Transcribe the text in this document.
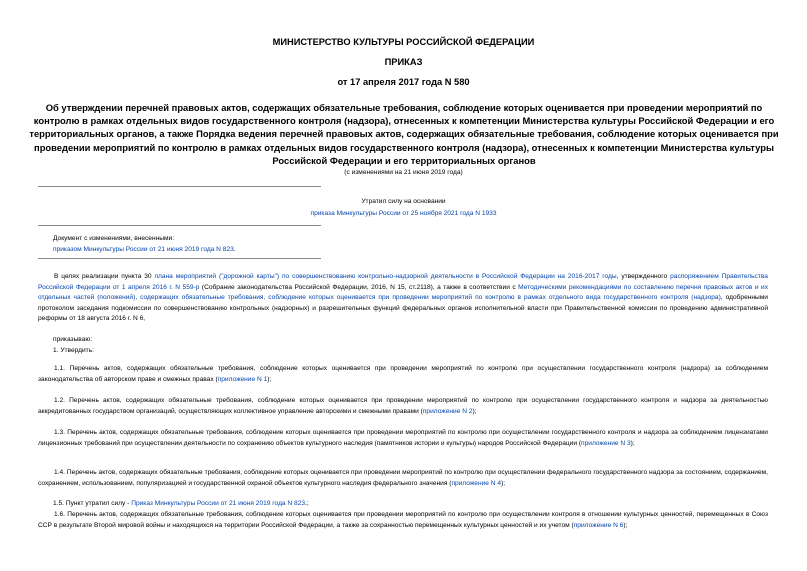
МИНИСТЕРСТВО КУЛЬТУРЫ РОССИЙСКОЙ ФЕДЕРАЦИИ
ПРИКАЗ
от 17 апреля 2017 года N 580
Об утверждении перечней правовых актов, содержащих обязательные требования, соблюдение которых оценивается при проведении мероприятий по контролю в рамках отдельных видов государственного контроля (надзора), отнесенных к компетенции Министерства культуры Российской Федерации и его территориальных органов, а также Порядка ведения перечней правовых актов, содержащих обязательные требования, соблюдение которых оценивается при проведении мероприятий по контролю в рамках отдельных видов государственного контроля (надзора), отнесенных к компетенции Министерства культуры Российской Федерации и его территориальных органов
(с изменениями на 21 июня 2019 года)
Утратил силу на основании
приказа Минкультуры России от 25 ноября 2021 года N 1933
Документ с изменениями, внесенными:
приказом Минкультуры России от 21 июня 2019 года N 823.
В целях реализации пункта 30 плана мероприятий ("дорожной карты") по совершенствованию контрольно-надзорной деятельности в Российской Федерации на 2016-2017 годы, утвержденного распоряжением Правительства Российской Федерации от 1 апреля 2016 г. N 559-р (Собрание законодательства Российской Федерации, 2016, N 15, ст.2118), а также в соответствии с Методическими рекомендациями по составлению перечня правовых актов и их отдельных частей (положений), содержащих обязательные требования, соблюдение которых оценивается при проведении мероприятий по контролю в рамках отдельного вида государственного контроля (надзора), одобренными протоколом заседания подкомиссии по совершенствованию контрольных (надзорных) и разрешительных функций федеральных органов исполнительной власти при Правительственной комиссии по проведению административной реформы от 18 августа 2016 г. N 6,
приказываю:
1. Утвердить:
1.1. Перечень актов, содержащих обязательные требования, соблюдение которых оценивается при проведении мероприятий по контролю при осуществлении государственного контроля (надзора) за соблюдением законодательства об авторском праве и смежных правах (приложение N 1);
1.2. Перечень актов, содержащих обязательные требования, соблюдение которых оценивается при проведении мероприятий по контролю при осуществлении государственного контроля и надзора за деятельностью аккредитованных государством организаций, осуществляющих коллективное управление авторскими и смежными правами (приложение N 2);
1.3. Перечень актов, содержащих обязательные требования, соблюдение которых оценивается при проведении мероприятий по контролю при осуществлении государственного контроля и надзора за соблюдением лицензиатами лицензионных требований при осуществлении деятельности по сохранению объектов культурного наследия (памятников истории и культуры) народов Российской Федерации (приложение N 3);
1.4. Перечень актов, содержащих обязательные требования, соблюдение которых оценивается при проведении мероприятий по контролю при осуществлении федерального государственного надзора за состоянием, содержанием, сохранением, использованием, популяризацией и государственной охраной объектов культурного наследия федерального значения (приложение N 4);
1.5. Пункт утратил силу - Приказ Минкультуры России от 21 июня 2019 года N 823.;
1.6. Перечень актов, содержащих обязательные требования, соблюдение которых оценивается при проведении мероприятий по контролю при осуществлении контроля в отношении культурных ценностей, перемещенных в Союз ССР в результате Второй мировой войны и находящихся на территории Российской Федерации, а также за сохранностью перемещенных культурных ценностей и их учетом (приложение N 6);
